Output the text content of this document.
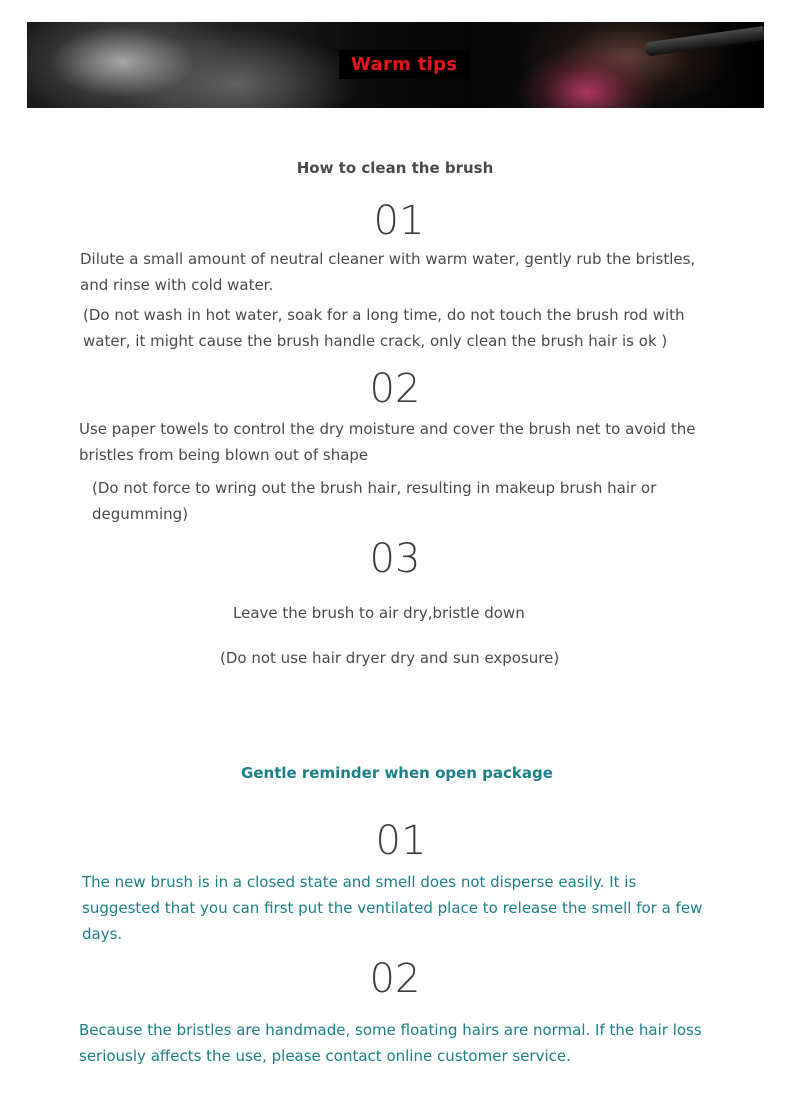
Warm tips

How to clean the brush

01

Dilute a small amount of neutral cleaner with warm water, gently rub the bristles, and rinse with cold water.

(Do not wash in hot water, soak for a long time, do not touch the brush rod with water, it might cause the brush handle crack, only clean the brush hair is ok )

02

Use paper towels to control the dry moisture and cover the brush net to avoid the bristles from being blown out of shape

(Do not force to wring out the brush hair, resulting in makeup brush hair or degumming)

03

Leave the brush to air dry,bristle down

(Do not use hair dryer dry and sun exposure)

Gentle reminder when open package

01

The new brush is in a closed state and smell does not disperse easily. It is suggested that you can first put the ventilated place to release the smell for a few days.

02

Because the bristles are handmade, some floating hairs are normal. If the hair loss seriously affects the use, please contact online customer service.
